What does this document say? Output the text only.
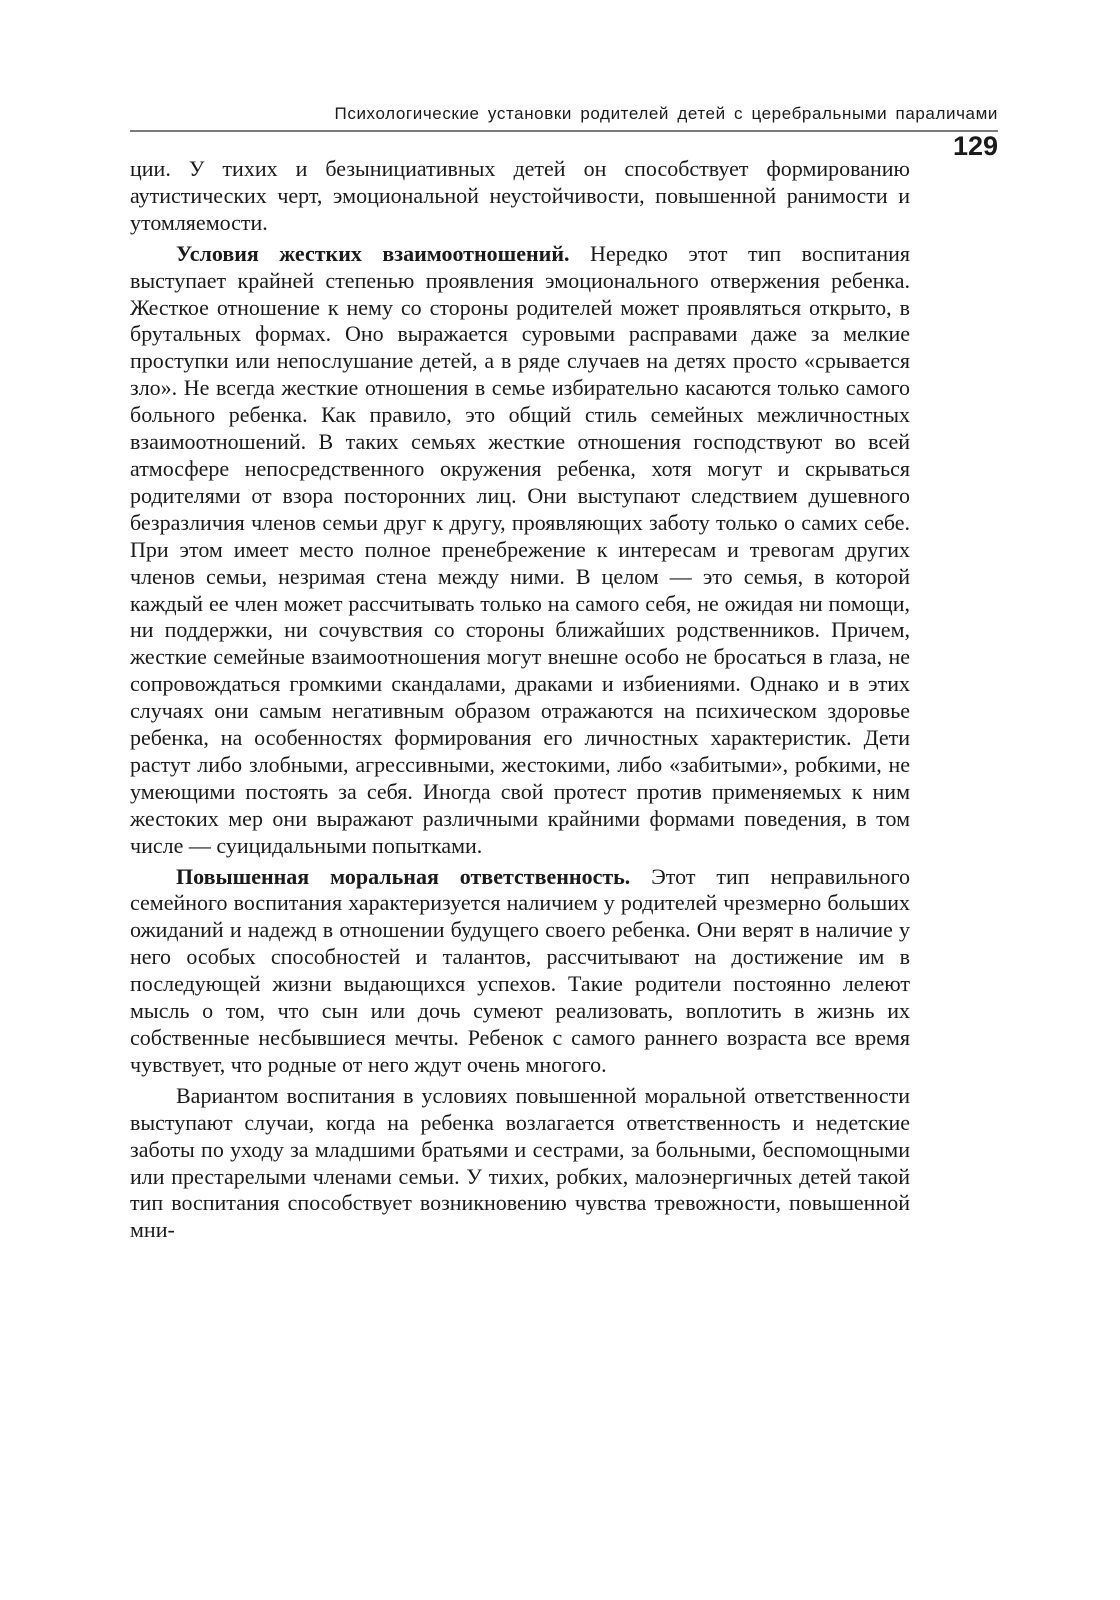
Психологические установки родителей детей с церебральными параличами
129

ции. У тихих и безынициативных детей он способствует формированию аутистических черт, эмоциональной неустойчивости, повышенной ранимости и утомляемости.

Условия жестких взаимоотношений. Нередко этот тип воспитания выступает крайней степенью проявления эмоционального отвержения ребенка. Жесткое отношение к нему со стороны родителей может проявляться открыто, в брутальных формах. Оно выражается суровыми расправами даже за мелкие проступки или непослушание детей, а в ряде случаев на детях просто «срывается зло». Не всегда жесткие отношения в семье избирательно касаются только самого больного ребенка. Как правило, это общий стиль семейных межличностных взаимоотношений. В таких семьях жесткие отношения господствуют во всей атмосфере непосредственного окружения ребенка, хотя могут и скрываться родителями от взора посторонних лиц. Они выступают следствием душевного безразличия членов семьи друг к другу, проявляющих заботу только о самих себе. При этом имеет место полное пренебрежение к интересам и тревогам других членов семьи, незримая стена между ними. В целом — это семья, в которой каждый ее член может рассчитывать только на самого себя, не ожидая ни помощи, ни поддержки, ни сочувствия со стороны ближайших родственников. Причем, жесткие семейные взаимоотношения могут внешне особо не бросаться в глаза, не сопровождаться громкими скандалами, драками и избиениями. Однако и в этих случаях они самым негативным образом отражаются на психическом здоровье ребенка, на особенностях формирования его личностных характеристик. Дети растут либо злобными, агрессивными, жестокими, либо «забитыми», робкими, не умеющими постоять за себя. Иногда свой протест против применяемых к ним жестоких мер они выражают различными крайними формами поведения, в том числе — суицидальными попытками.

Повышенная моральная ответственность. Этот тип неправильного семейного воспитания характеризуется наличием у родителей чрезмерно больших ожиданий и надежд в отношении будущего своего ребенка. Они верят в наличие у него особых способностей и талантов, рассчитывают на достижение им в последующей жизни выдающихся успехов. Такие родители постоянно лелеют мысль о том, что сын или дочь сумеют реализовать, воплотить в жизнь их собственные несбывшиеся мечты. Ребенок с самого раннего возраста все время чувствует, что родные от него ждут очень многого.

Вариантом воспитания в условиях повышенной моральной ответственности выступают случаи, когда на ребенка возлагается ответственность и недетские заботы по уходу за младшими братьями и сестрами, за больными, беспомощными или престарелыми членами семьи. У тихих, робких, малоэнергичных детей такой тип воспитания способствует возникновению чувства тревожности, повышенной мни-
